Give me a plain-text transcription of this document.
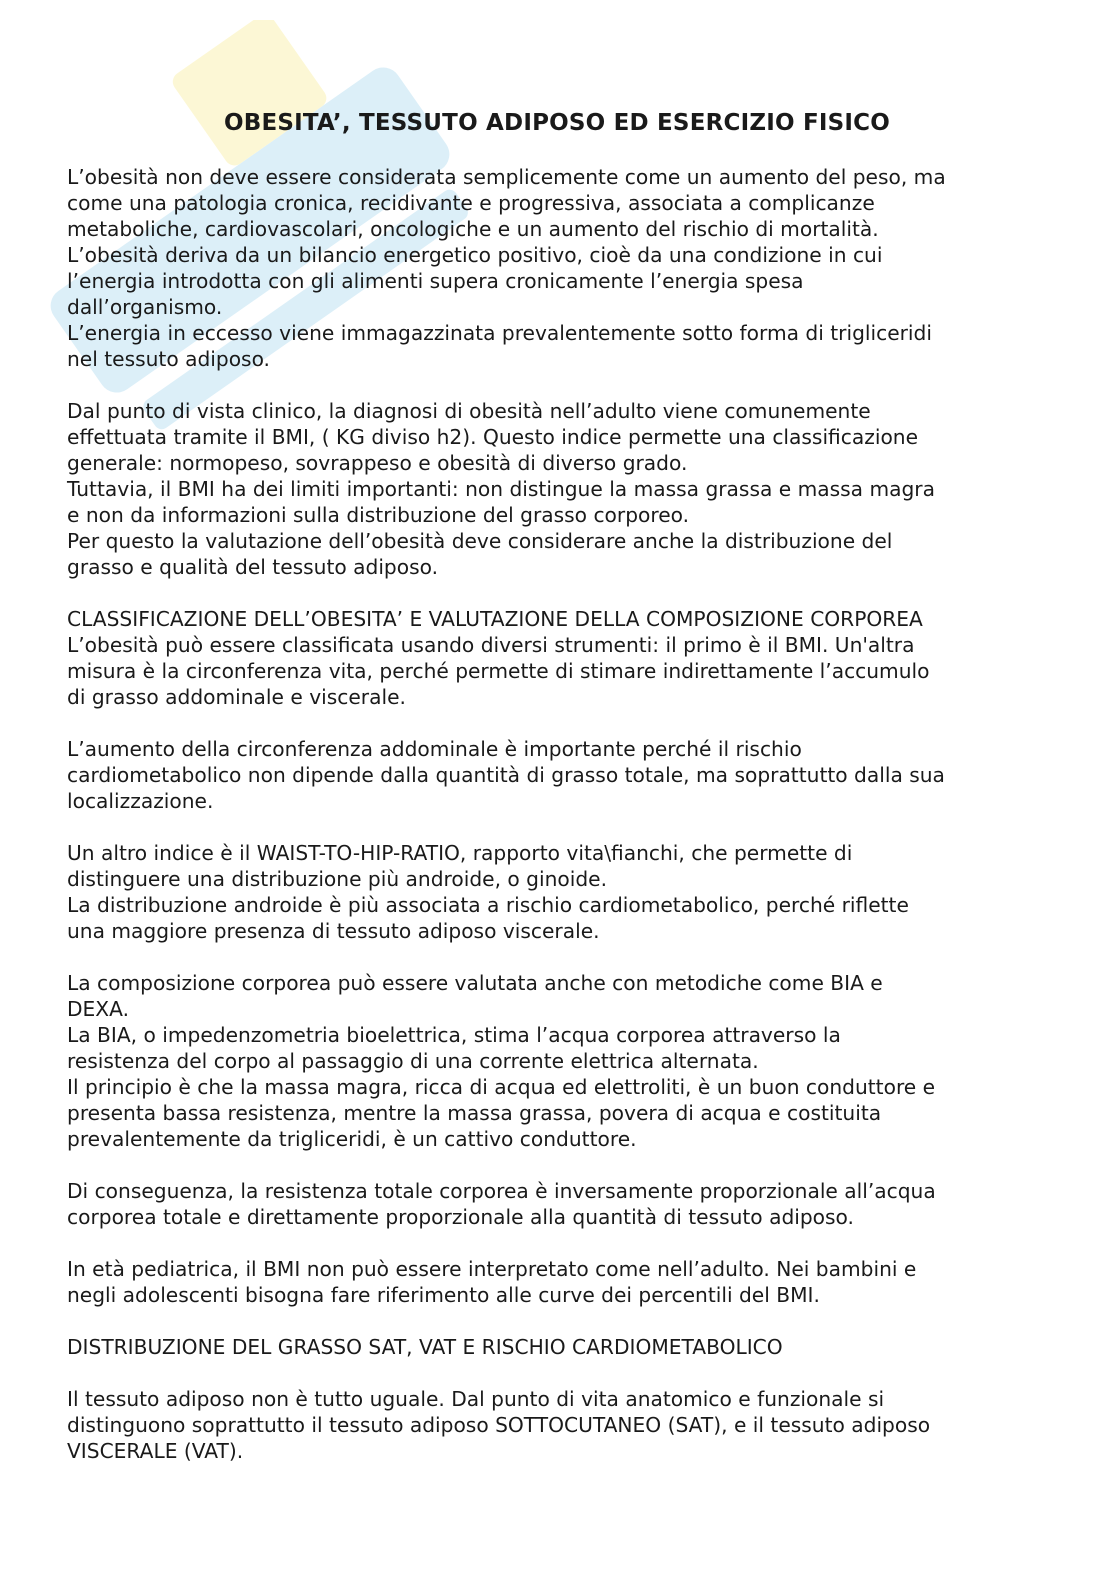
OBESITA’, TESSUTO ADIPOSO ED ESERCIZIO FISICO
L’obesità non deve essere considerata semplicemente come un aumento del peso, ma
come una patologia cronica, recidivante e progressiva, associata a complicanze
metaboliche, cardiovascolari, oncologiche e un aumento del rischio di mortalità.
L’obesità deriva da un bilancio energetico positivo, cioè da una condizione in cui
l’energia introdotta con gli alimenti supera cronicamente l’energia spesa
dall’organismo.
L’energia in eccesso viene immagazzinata prevalentemente sotto forma di trigliceridi
nel tessuto adiposo.
Dal punto di vista clinico, la diagnosi di obesità nell’adulto viene comunemente
effettuata tramite il BMI, ( KG diviso h2). Questo indice permette una classificazione
generale: normopeso, sovrappeso e obesità di diverso grado.
Tuttavia, il BMI ha dei limiti importanti: non distingue la massa grassa e massa magra
e non da informazioni sulla distribuzione del grasso corporeo.
Per questo la valutazione dell’obesità deve considerare anche la distribuzione del
grasso e qualità del tessuto adiposo.
CLASSIFICAZIONE DELL’OBESITA’ E VALUTAZIONE DELLA COMPOSIZIONE CORPOREA
L’obesità può essere classificata usando diversi strumenti: il primo è il BMI. Un'altra
misura è la circonferenza vita, perché permette di stimare indirettamente l’accumulo
di grasso addominale e viscerale.
L’aumento della circonferenza addominale è importante perché il rischio
cardiometabolico non dipende dalla quantità di grasso totale, ma soprattutto dalla sua
localizzazione.
Un altro indice è il WAIST-TO-HIP-RATIO, rapporto vita\fianchi, che permette di
distinguere una distribuzione più androide, o ginoide.
La distribuzione androide è più associata a rischio cardiometabolico, perché riflette
una maggiore presenza di tessuto adiposo viscerale.
La composizione corporea può essere valutata anche con metodiche come BIA e
DEXA.
La BIA, o impedenzometria bioelettrica, stima l’acqua corporea attraverso la
resistenza del corpo al passaggio di una corrente elettrica alternata.
Il principio è che la massa magra, ricca di acqua ed elettroliti, è un buon conduttore e
presenta bassa resistenza, mentre la massa grassa, povera di acqua e costituita
prevalentemente da trigliceridi, è un cattivo conduttore.
Di conseguenza, la resistenza totale corporea è inversamente proporzionale all’acqua
corporea totale e direttamente proporzionale alla quantità di tessuto adiposo.
In età pediatrica, il BMI non può essere interpretato come nell’adulto. Nei bambini e
negli adolescenti bisogna fare riferimento alle curve dei percentili del BMI.
DISTRIBUZIONE DEL GRASSO SAT, VAT E RISCHIO CARDIOMETABOLICO
Il tessuto adiposo non è tutto uguale. Dal punto di vita anatomico e funzionale si
distinguono soprattutto il tessuto adiposo SOTTOCUTANEO (SAT), e il tessuto adiposo
VISCERALE (VAT).
